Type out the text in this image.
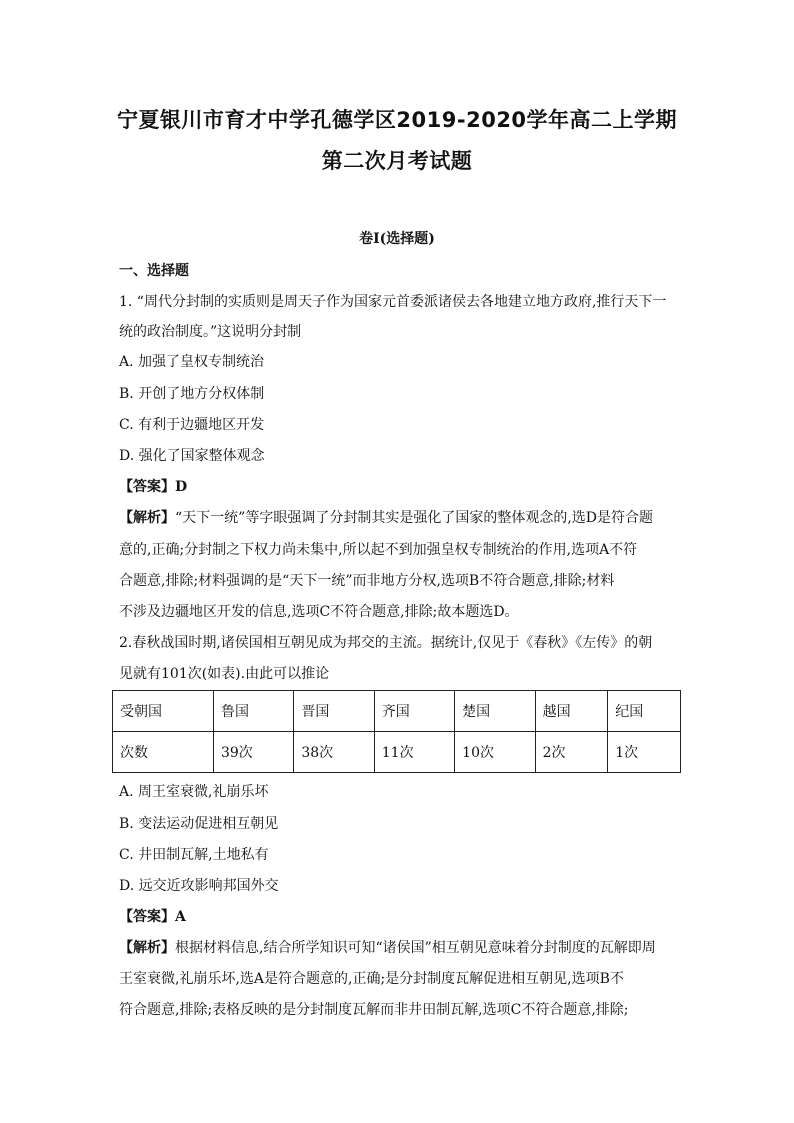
宁夏银川市育才中学孔德学区2019-2020学年高二上学期
第二次月考试题
卷Ⅰ(选择题)
一、选择题
1. “周代分封制的实质则是周天子作为国家元首委派诸侯去各地建立地方政府,推行天下一
统的政治制度。”这说明分封制
A. 加强了皇权专制统治
B. 开创了地方分权体制
C. 有利于边疆地区开发
D. 强化了国家整体观念
【答案】D
【解析】“天下一统”等字眼强调了分封制其实是强化了国家的整体观念的,选D是符合题
意的,正确;分封制之下权力尚未集中,所以起不到加强皇权专制统治的作用,选项A不符
合题意,排除;材料强调的是“天下一统”而非地方分权,选项B不符合题意,排除;材料
不涉及边疆地区开发的信息,选项C不符合题意,排除;故本题选D。
2.春秋战国时期,诸侯国相互朝见成为邦交的主流。据统计,仅见于《春秋》《左传》的朝
见就有101次(如表).由此可以推论
受朝国	鲁国	晋国	齐国	楚国	越国	纪国
次数	39次	38次	11次	10次	2次	1次
A. 周王室衰微,礼崩乐坏
B. 变法运动促进相互朝见
C. 井田制瓦解,土地私有
D. 远交近攻影响邦国外交
【答案】A
【解析】根据材料信息,结合所学知识可知“诸侯国”相互朝见意味着分封制度的瓦解即周
王室衰微,礼崩乐坏,选A是符合题意的,正确;是分封制度瓦解促进相互朝见,选项B不
符合题意,排除;表格反映的是分封制度瓦解而非井田制瓦解,选项C不符合题意,排除;
